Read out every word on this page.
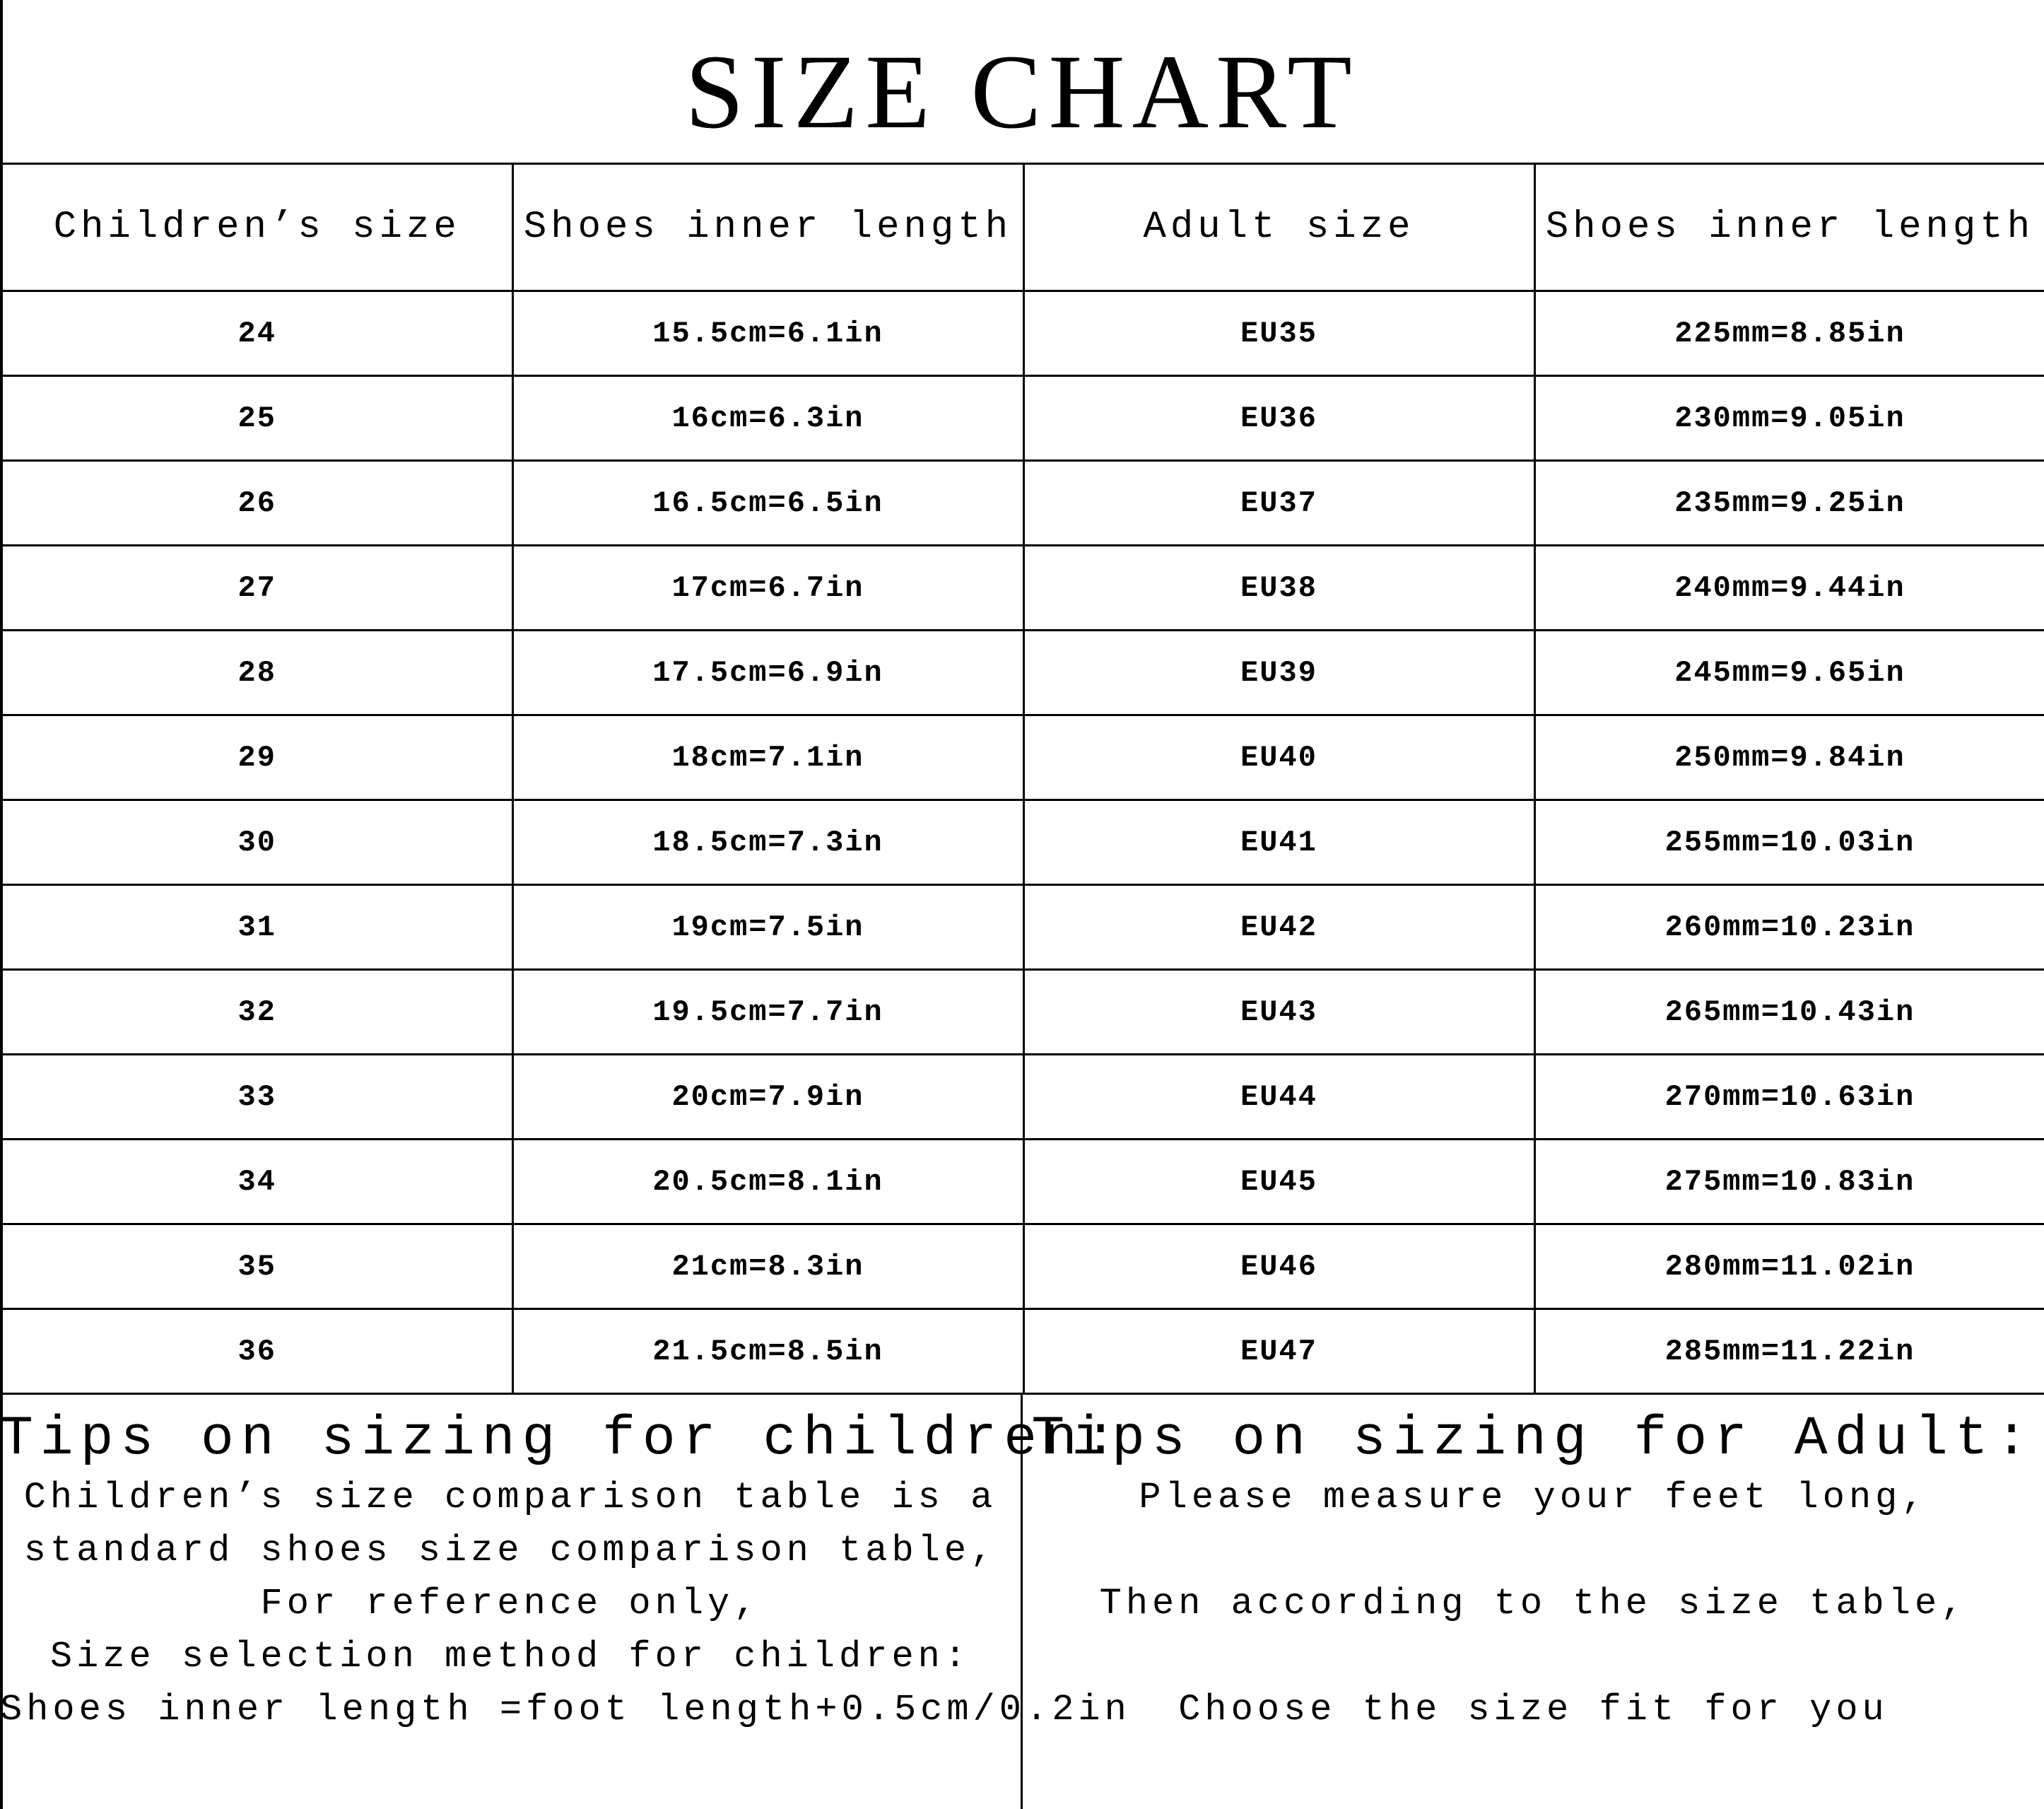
SIZE CHART
Children’s size	Shoes inner length	Adult size	Shoes inner length
24	15.5cm=6.1in	EU35	225mm=8.85in
25	16cm=6.3in	EU36	230mm=9.05in
26	16.5cm=6.5in	EU37	235mm=9.25in
27	17cm=6.7in	EU38	240mm=9.44in
28	17.5cm=6.9in	EU39	245mm=9.65in
29	18cm=7.1in	EU40	250mm=9.84in
30	18.5cm=7.3in	EU41	255mm=10.03in
31	19cm=7.5in	EU42	260mm=10.23in
32	19.5cm=7.7in	EU43	265mm=10.43in
33	20cm=7.9in	EU44	270mm=10.63in
34	20.5cm=8.1in	EU45	275mm=10.83in
35	21cm=8.3in	EU46	280mm=11.02in
36	21.5cm=8.5in	EU47	285mm=11.22in
Tips on sizing for children:
Children’s size comparison table is a
standard shoes size comparison table,
For reference only,
Size selection method for children:
Shoes inner length =foot length+0.5cm/0.2in
Tips on sizing for Adult:
Please measure your feet long,

Then according to the size table,

Choose the size fit for you
